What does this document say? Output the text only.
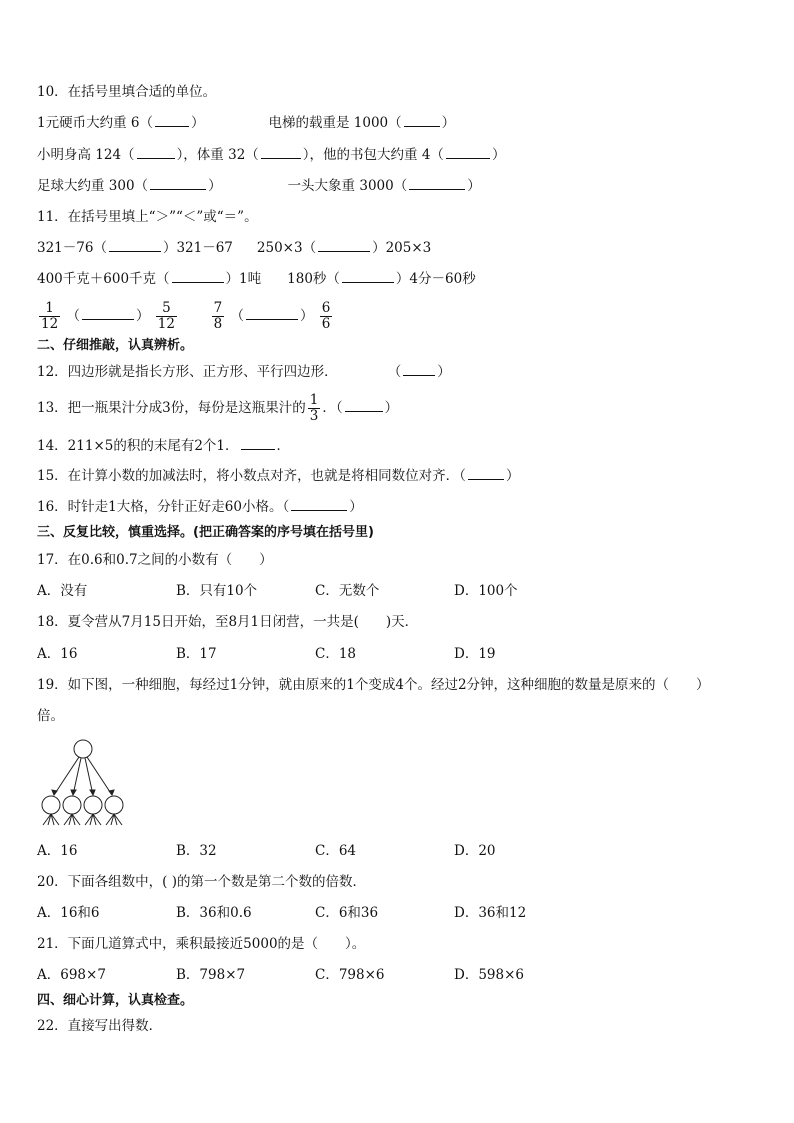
10．在括号里填合适的单位。
1元硬币大约重 6（	）	电梯的载重是 1000（	）
小明身高 124（	），体重 32（	），他的书包大约重 4（	）
足球大约重 300（	）	一头大象重 3000（	）
11．在括号里填上“＞”“＜”或“＝”。
321－76（	）321－67 250×3（	）205×3
400千克＋600千克（	）1吨 180秒（	）4分－60秒
$\frac{1}{12}$ （	） $\frac{5}{12}$
	$\frac{7}{8}$ （	） $\frac{6}{6}$
二、仔细推敲，认真辨析。
12．四边形就是指长方形、正方形、平行四边形．	（	）
13．把一瓶果汁分成3份，每份是这瓶果汁的 $\frac{1}{3}$ ．（	）
14．211×5的积的末尾有2个1．	．
15．在计算小数的加减法时，将小数点对齐，也就是将相同数位对齐．（	）
16．时针走1大格，分针正好走60小格。（	）
三、反复比较，慎重选择。(把正确答案的序号填在括号里)
17．在0.6和0.7之间的小数有（　　）
A．没有	B．只有10个	C．无数个	D．100个
18．夏令营从7月15日开始，至8月1日闭营，一共是(　　)天．
A．16	B．17	C．18	D．19
19．如下图，一种细胞，每经过1分钟，就由原来的1个变成4个。经过2分钟，这种细胞的数量是原来的（　　）
倍。
A．16	B．32	C．64	D．20
20．下面各组数中，( )的第一个数是第二个数的倍数．
A．16和6	B．36和0.6	C．6和36	D．36和12
21．下面几道算式中，乘积最接近5000的是（　　）。
A．698×7	B．798×7	C．798×6	D．598×6
四、细心计算，认真检查。
22．直接写出得数．
